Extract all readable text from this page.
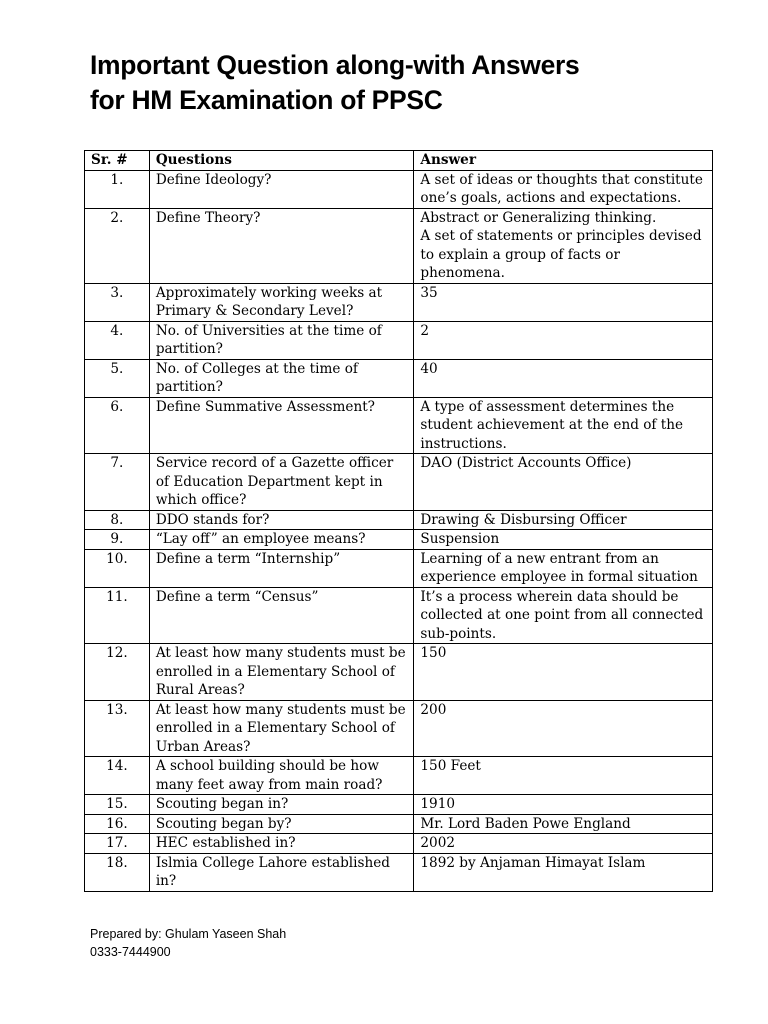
Important Question along-with Answers
for HM Examination of PPSC
Sr. #	Questions	Answer
1.	Define Ideology?	A set of ideas or thoughts that constitute one’s goals, actions and expectations.

2.	Define Theory?	Abstract or Generalizing thinking.
A set of statements or principles devised to explain a group of facts or phenomena.

3.	Approximately working weeks at Primary & Secondary Level?	35

4.	No. of Universities at the time of partition?	2

5.	No. of Colleges at the time of partition?	40

6.	Define Summative Assessment?	A type of assessment determines the student achievement at the end of the instructions.

7.	Service record of a Gazette officer of Education Department kept in which office?	DAO (District Accounts Office)

8.	DDO stands for?	Drawing & Disbursing Officer

9.	“Lay off” an employee means?	Suspension

10.	Define a term “Internship”	Learning of a new entrant from an experience employee in formal situation

11.	Define a term “Census”	It’s a process wherein data should be collected at one point from all connected sub-points.

12.	At least how many students must be enrolled in a Elementary School of Rural Areas?	150

13.	At least how many students must be enrolled in a Elementary School of Urban Areas?	200

14.	A school building should be how many feet away from main road?	150 Feet

15.	Scouting began in?	1910

16.	Scouting began by?	Mr. Lord Baden Powe England

17.	HEC established in?	2002

18.	Islmia College Lahore established in?	1892 by Anjaman Himayat Islam
Prepared by: Ghulam Yaseen Shah
0333-7444900
